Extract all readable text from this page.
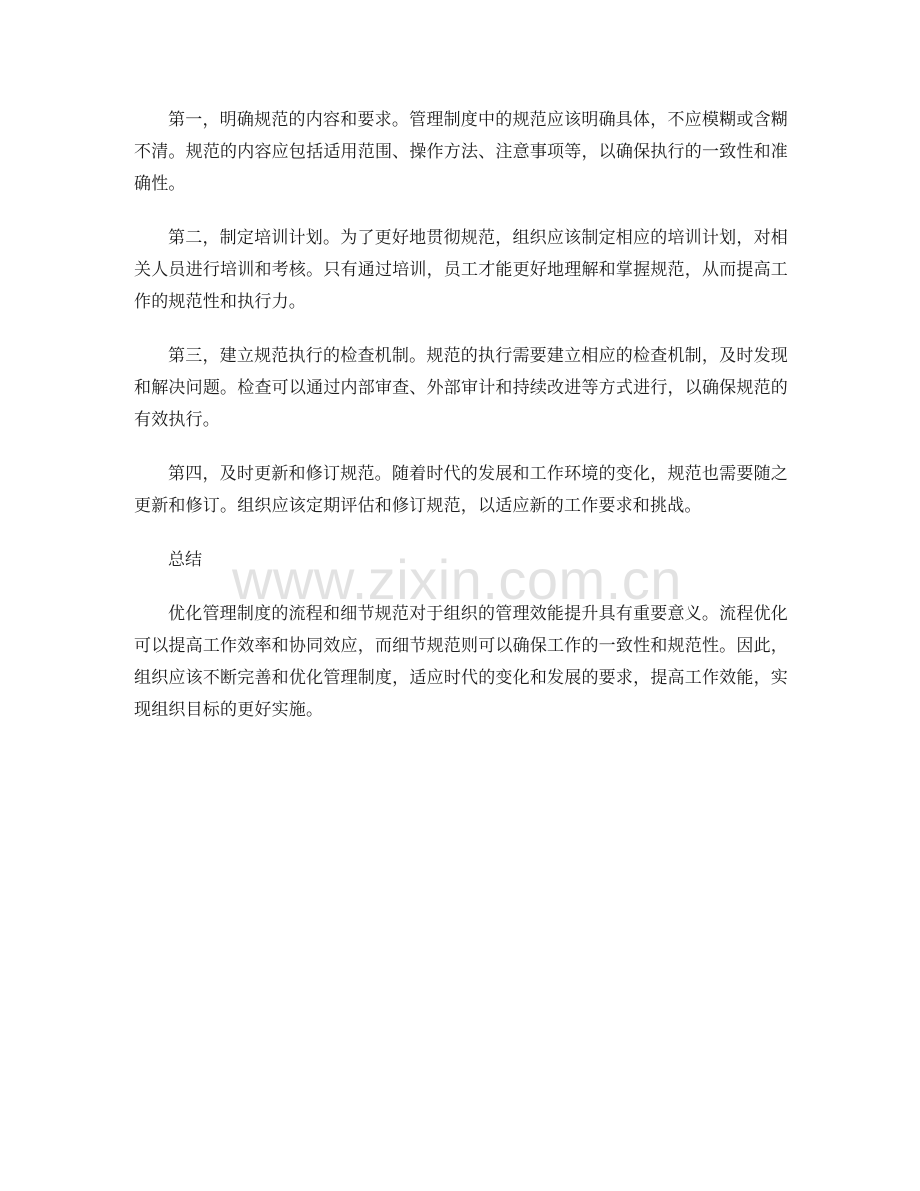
第一，明确规范的内容和要求。管理制度中的规范应该明确具体，不应模糊或含糊不清。规范的内容应包括适用范围、操作方法、注意事项等，以确保执行的一致性和准确性。

第二，制定培训计划。为了更好地贯彻规范，组织应该制定相应的培训计划，对相关人员进行培训和考核。只有通过培训，员工才能更好地理解和掌握规范，从而提高工作的规范性和执行力。

第三，建立规范执行的检查机制。规范的执行需要建立相应的检查机制，及时发现和解决问题。检查可以通过内部审查、外部审计和持续改进等方式进行，以确保规范的有效执行。

第四，及时更新和修订规范。随着时代的发展和工作环境的变化，规范也需要随之更新和修订。组织应该定期评估和修订规范，以适应新的工作要求和挑战。

总结

优化管理制度的流程和细节规范对于组织的管理效能提升具有重要意义。流程优化可以提高工作效率和协同效应，而细节规范则可以确保工作的一致性和规范性。因此，组织应该不断完善和优化管理制度，适应时代的变化和发展的要求，提高工作效能，实现组织目标的更好实施。

www.zixin.com.cn
